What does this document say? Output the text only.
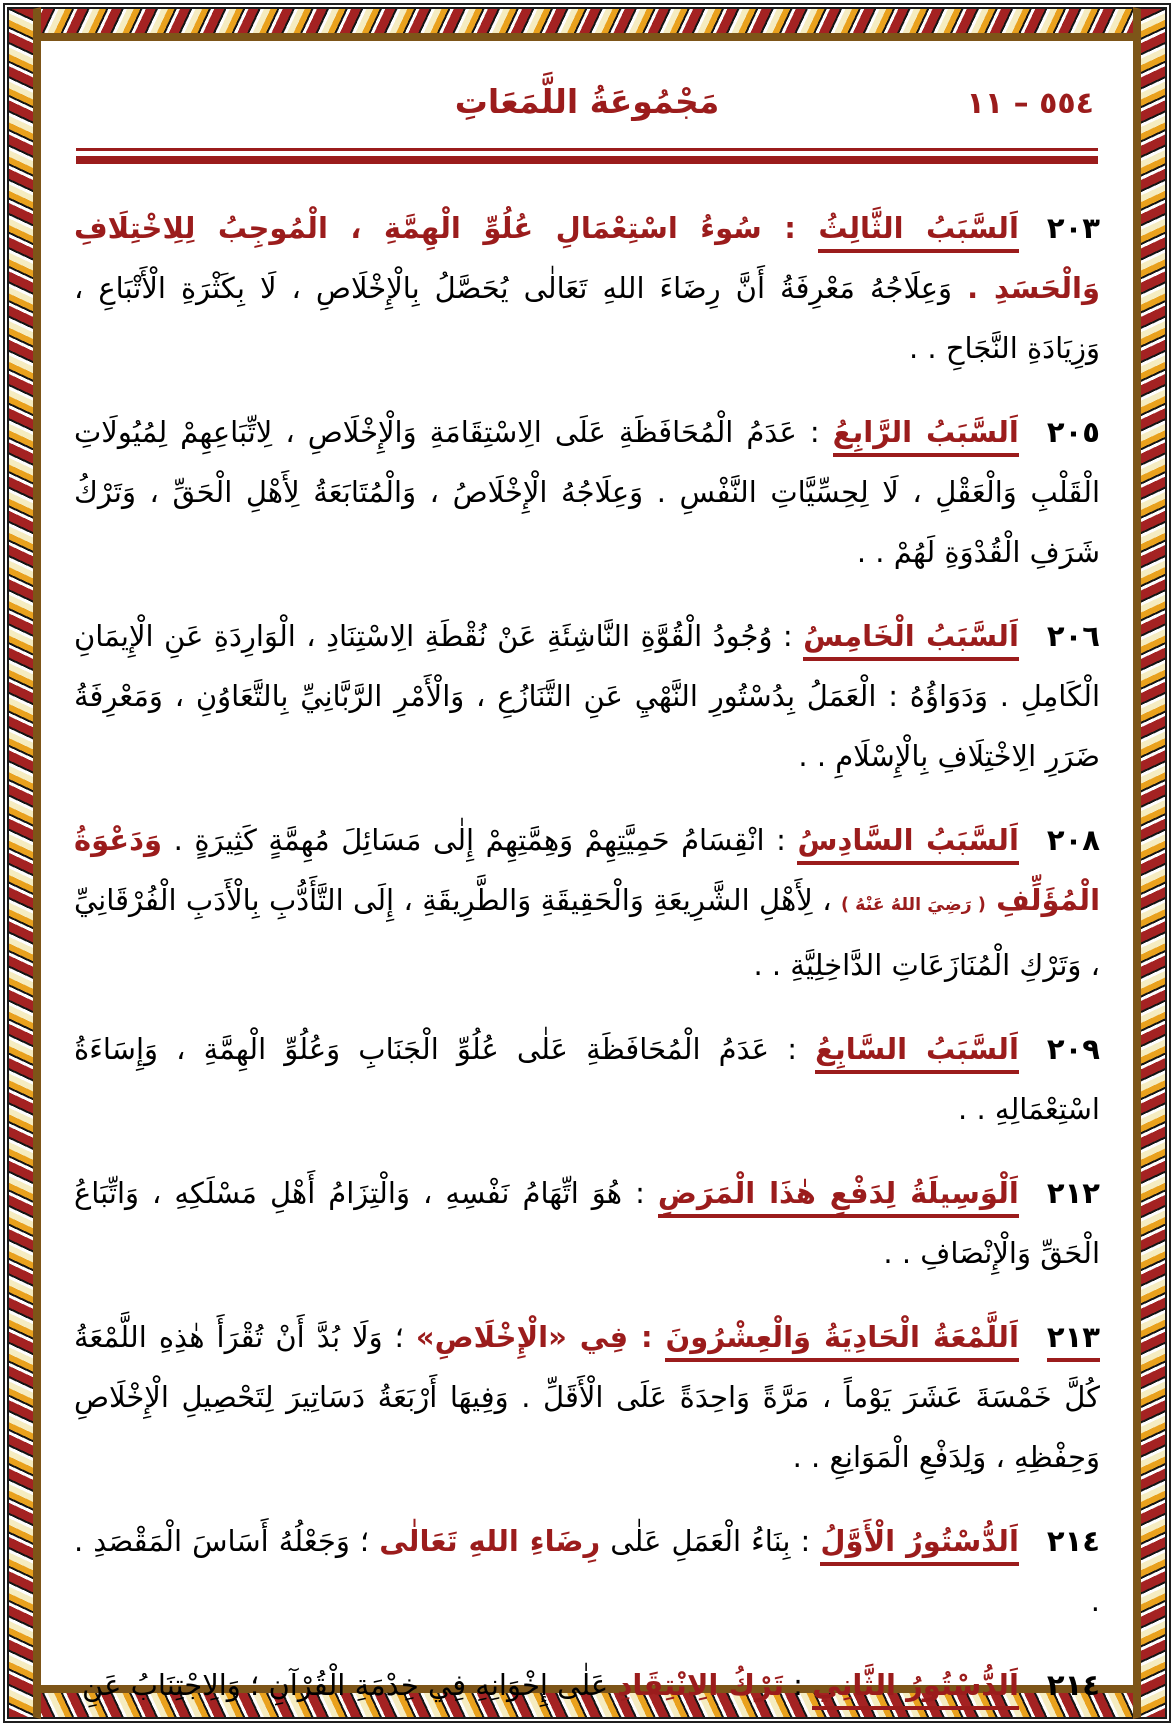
٥٥٤ – ١١
مَجْمُوعَةُ اللَّمَعَاتِ

٢٠٣اَلسَّبَبُ الثَّالِثُ : سُوءُ اسْتِعْمَالِ عُلُوِّ الْهِمَّةِ ، الْمُوجِبُ لِلِاخْتِلَافِ وَالْحَسَدِ . وَعِلَاجُهُ مَعْرِفَةُ أَنَّ رِضَاءَ اللهِ تَعَالٰى يُحَصَّلُ بِالْإِخْلَاصِ ، لَا بِكَثْرَةِ الْأَتْبَاعِ ، وَزِيَادَةِ النَّجَاحِ . .

٢٠٥اَلسَّبَبُ الرَّابِعُ : عَدَمُ الْمُحَافَظَةِ عَلَى الِاسْتِقَامَةِ وَالْإِخْلَاصِ ، لِاتِّبَاعِهِمْ لِمُيُولَاتِ الْقَلْبِ وَالْعَقْلِ ، لَا لِحِسِّيَّاتِ النَّفْسِ . وَعِلَاجُهُ الْإِخْلَاصُ ، وَالْمُتَابَعَةُ لِأَهْلِ الْحَقِّ ، وَتَرْكُ شَرَفِ الْقُدْوَةِ لَهُمْ . .

٢٠٦اَلسَّبَبُ الْخَامِسُ : وُجُودُ الْقُوَّةِ النَّاشِئَةِ عَنْ نُقْطَةِ الِاسْتِنَادِ ، الْوَارِدَةِ عَنِ الْإِيمَانِ الْكَامِلِ . وَدَوَاؤُهُ : الْعَمَلُ بِدُسْتُورِ النَّهْيِ عَنِ التَّنَازُعِ ، وَالْأَمْرِ الرَّبَّانِيِّ بِالتَّعَاوُنِ ، وَمَعْرِفَةُ ضَرَرِ الِاخْتِلَافِ بِالْإِسْلَامِ . .

٢٠٨اَلسَّبَبُ السَّادِسُ : انْقِسَامُ حَمِيَّتِهِمْ وَهِمَّتِهِمْ إِلٰى مَسَائِلَ مُهِمَّةٍ كَثِيرَةٍ . وَدَعْوَةُ الْمُؤَلِّفِ ( رَضِيَ اللهُ عَنْهُ ) ، لِأَهْلِ الشَّرِيعَةِ وَالْحَقِيقَةِ وَالطَّرِيقَةِ ، إِلَى التَّأَدُّبِ بِالْأَدَبِ الْفُرْقَانِيِّ ، وَتَرْكِ الْمُنَازَعَاتِ الدَّاخِلِيَّةِ . .

٢٠٩اَلسَّبَبُ السَّابِعُ : عَدَمُ الْمُحَافَظَةِ عَلٰى عُلُوِّ الْجَنَابِ وَعُلُوِّ الْهِمَّةِ ، وَإِسَاءَةُ اسْتِعْمَالِهِ . .

٢١٢اَلْوَسِيلَةُ لِدَفْعِ هٰذَا الْمَرَضِ : هُوَ اتِّهَامُ نَفْسِهِ ، وَالْتِزَامُ أَهْلِ مَسْلَكِهِ ، وَاتِّبَاعُ الْحَقِّ وَالْإِنْصَافِ . .

٢١٣اَللَّمْعَةُ الْحَادِيَةُ وَالْعِشْرُونَ : فِي «الْإِخْلَاصِ» ؛ وَلَا بُدَّ أَنْ تُقْرَأَ هٰذِهِ اللَّمْعَةُ كُلَّ خَمْسَةَ عَشَرَ يَوْماً ، مَرَّةً وَاحِدَةً عَلَى الْأَقَلِّ . وَفِيهَا أَرْبَعَةُ دَسَاتِيرَ لِتَحْصِيلِ الْإِخْلَاصِ وَحِفْظِهِ ، وَلِدَفْعِ الْمَوَانِعِ . .

٢١٤اَلدُّسْتُورُ الْأَوَّلُ : بِنَاءُ الْعَمَلِ عَلٰى رِضَاءِ اللهِ تَعَالٰى ؛ وَجَعْلُهُ أَسَاسَ الْمَقْصَدِ . .

٢١٤اَلدُّسْتُورُ الثَّانِي : تَرْكُ الِانْتِقَادِ عَلٰى إِخْوَانِهِ فِي خِدْمَةِ الْقُرْآنِ ؛ وَالِاجْتِنَابُ عَنِ
